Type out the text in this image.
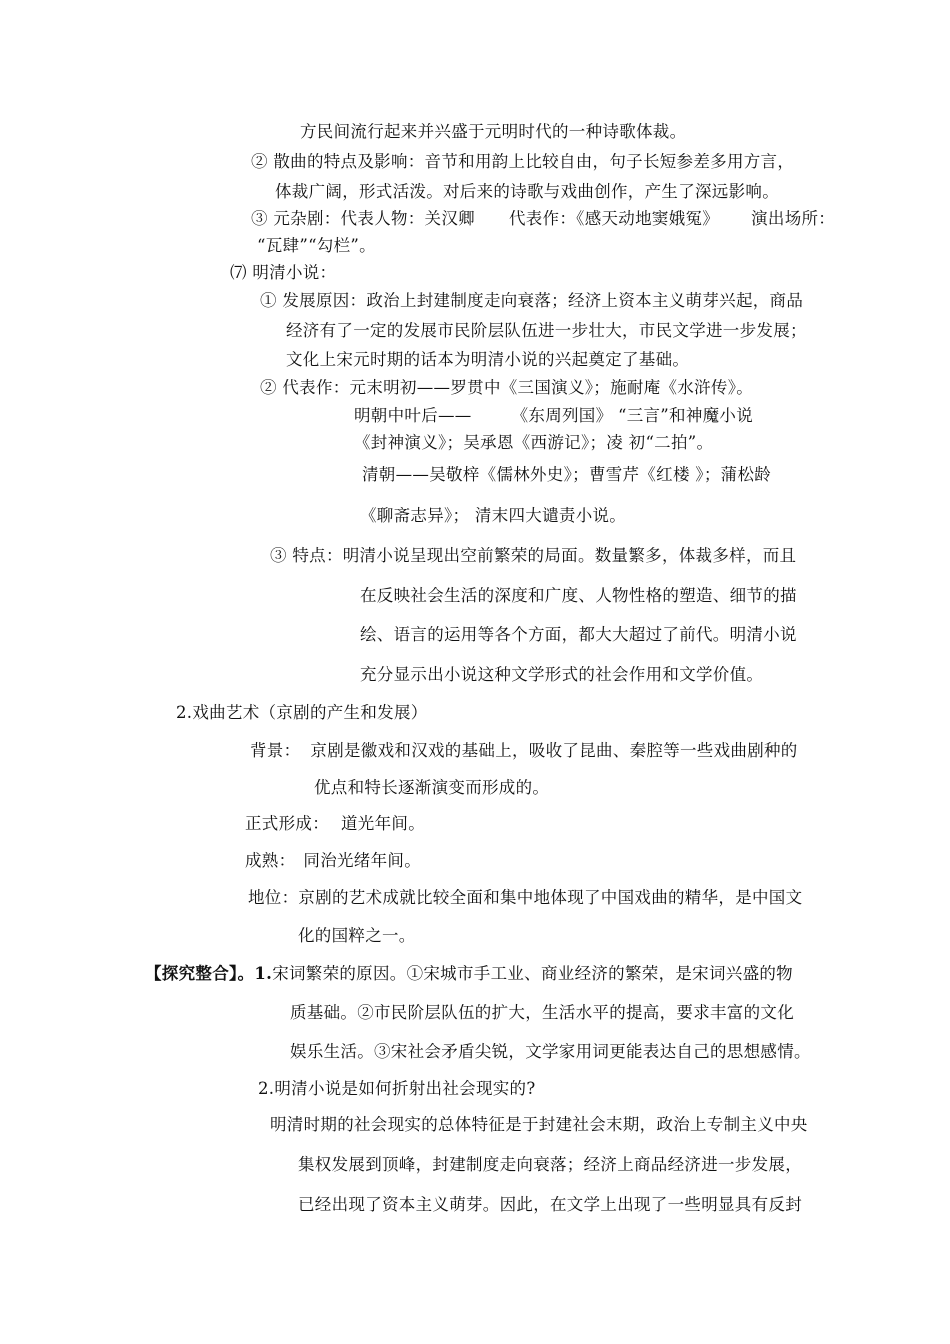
方民间流行起来并兴盛于元明时代的一种诗歌体裁。
② 散曲的特点及影响：音节和用韵上比较自由，句子长短参差多用方言，
体裁广阔，形式活泼。对后来的诗歌与戏曲创作，产生了深远影响。
③ 元杂剧：代表人物：关汉卿 代表作：《感天动地窦娥冤》 演出场所：
“瓦肆”“勾栏”。
⑺ 明清小说：
① 发展原因：政治上封建制度走向衰落；经济上资本主义萌芽兴起，商品
经济有了一定的发展市民阶层队伍进一步壮大，市民文学进一步发展；
文化上宋元时期的话本为明清小说的兴起奠定了基础。
② 代表作：元末明初——罗贯中《三国演义》；施耐庵《水浒传》。
明朝中叶后—— 《东周列国》 “三言”和神魔小说
《封神演义》；吴承恩《西游记》；凌 初“二拍”。
清朝——吴敬梓《儒林外史》；曹雪芹《红楼 》；蒲松龄
《聊斋志异》； 清末四大谴责小说。
③ 特点：明清小说呈现出空前繁荣的局面。数量繁多，体裁多样，而且
在反映社会生活的深度和广度、人物性格的塑造、细节的描
绘、语言的运用等各个方面，都大大超过了前代。明清小说
充分显示出小说这种文学形式的社会作用和文学价值。
2.戏曲艺术（京剧的产生和发展）
背景： 京剧是徽戏和汉戏的基础上，吸收了昆曲、秦腔等一些戏曲剧种的
优点和特长逐渐演变而形成的。
正式形成： 道光年间。
成熟： 同治光绪年间。
地位：京剧的艺术成就比较全面和集中地体现了中国戏曲的精华，是中国文
化的国粹之一。
【探究整合】。1.宋词繁荣的原因。①宋城市手工业、商业经济的繁荣，是宋词兴盛的物
质基础。②市民阶层队伍的扩大，生活水平的提高，要求丰富的文化
娱乐生活。③宋社会矛盾尖锐，文学家用词更能表达自己的思想感情。
2.明清小说是如何折射出社会现实的?
明清时期的社会现实的总体特征是于封建社会末期，政治上专制主义中央
集权发展到顶峰，封建制度走向衰落；经济上商品经济进一步发展，
已经出现了资本主义萌芽。因此，在文学上出现了一些明显具有反封
